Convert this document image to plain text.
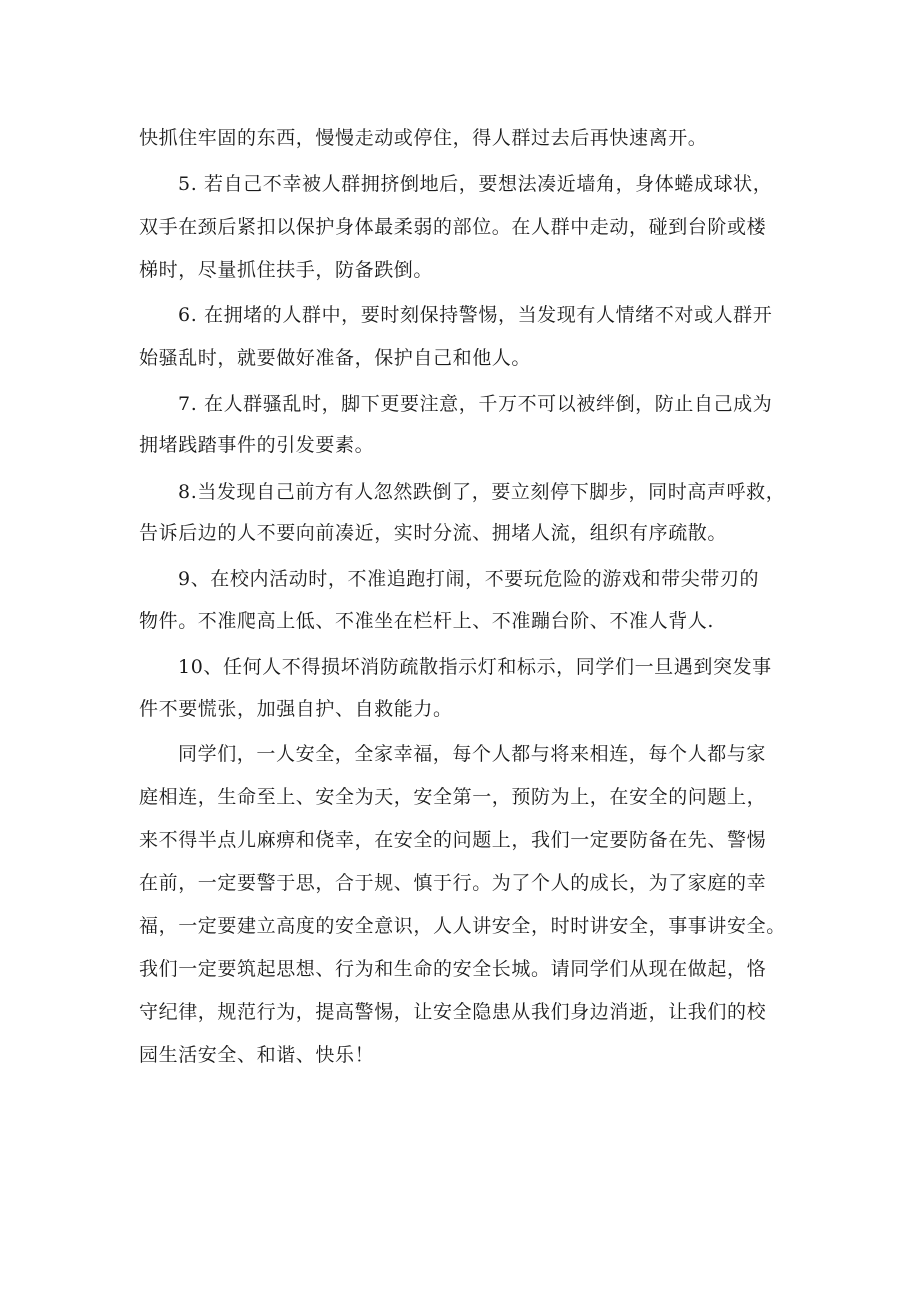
快抓住牢固的东西，慢慢走动或停住，得人群过去后再快速离开。
5. 若自己不幸被人群拥挤倒地后，要想法凑近墙角，身体蜷成球状，
双手在颈后紧扣以保护身体最柔弱的部位。在人群中走动，碰到台阶或楼
梯时，尽量抓住扶手，防备跌倒。
6. 在拥堵的人群中，要时刻保持警惕，当发现有人情绪不对或人群开
始骚乱时，就要做好准备，保护自己和他人。
7. 在人群骚乱时，脚下更要注意，千万不可以被绊倒，防止自己成为
拥堵践踏事件的引发要素。
8.当发现自己前方有人忽然跌倒了，要立刻停下脚步，同时高声呼救，
告诉后边的人不要向前凑近，实时分流、拥堵人流，组织有序疏散。
9、在校内活动时，不准追跑打闹，不要玩危险的游戏和带尖带刃的
物件。不准爬高上低、不准坐在栏杆上、不准蹦台阶、不准人背人.
10、任何人不得损坏消防疏散指示灯和标示，同学们一旦遇到突发事
件不要慌张，加强自护、自救能力。
同学们，一人安全，全家幸福，每个人都与将来相连，每个人都与家
庭相连，生命至上、安全为天，安全第一，预防为上，在安全的问题上，
来不得半点儿麻痹和侥幸，在安全的问题上，我们一定要防备在先、警惕
在前，一定要警于思，合于规、慎于行。为了个人的成长，为了家庭的幸
福，一定要建立高度的安全意识，人人讲安全，时时讲安全，事事讲安全。
我们一定要筑起思想、行为和生命的安全长城。请同学们从现在做起，恪
守纪律，规范行为，提高警惕，让安全隐患从我们身边消逝，让我们的校
园生活安全、和谐、快乐！
